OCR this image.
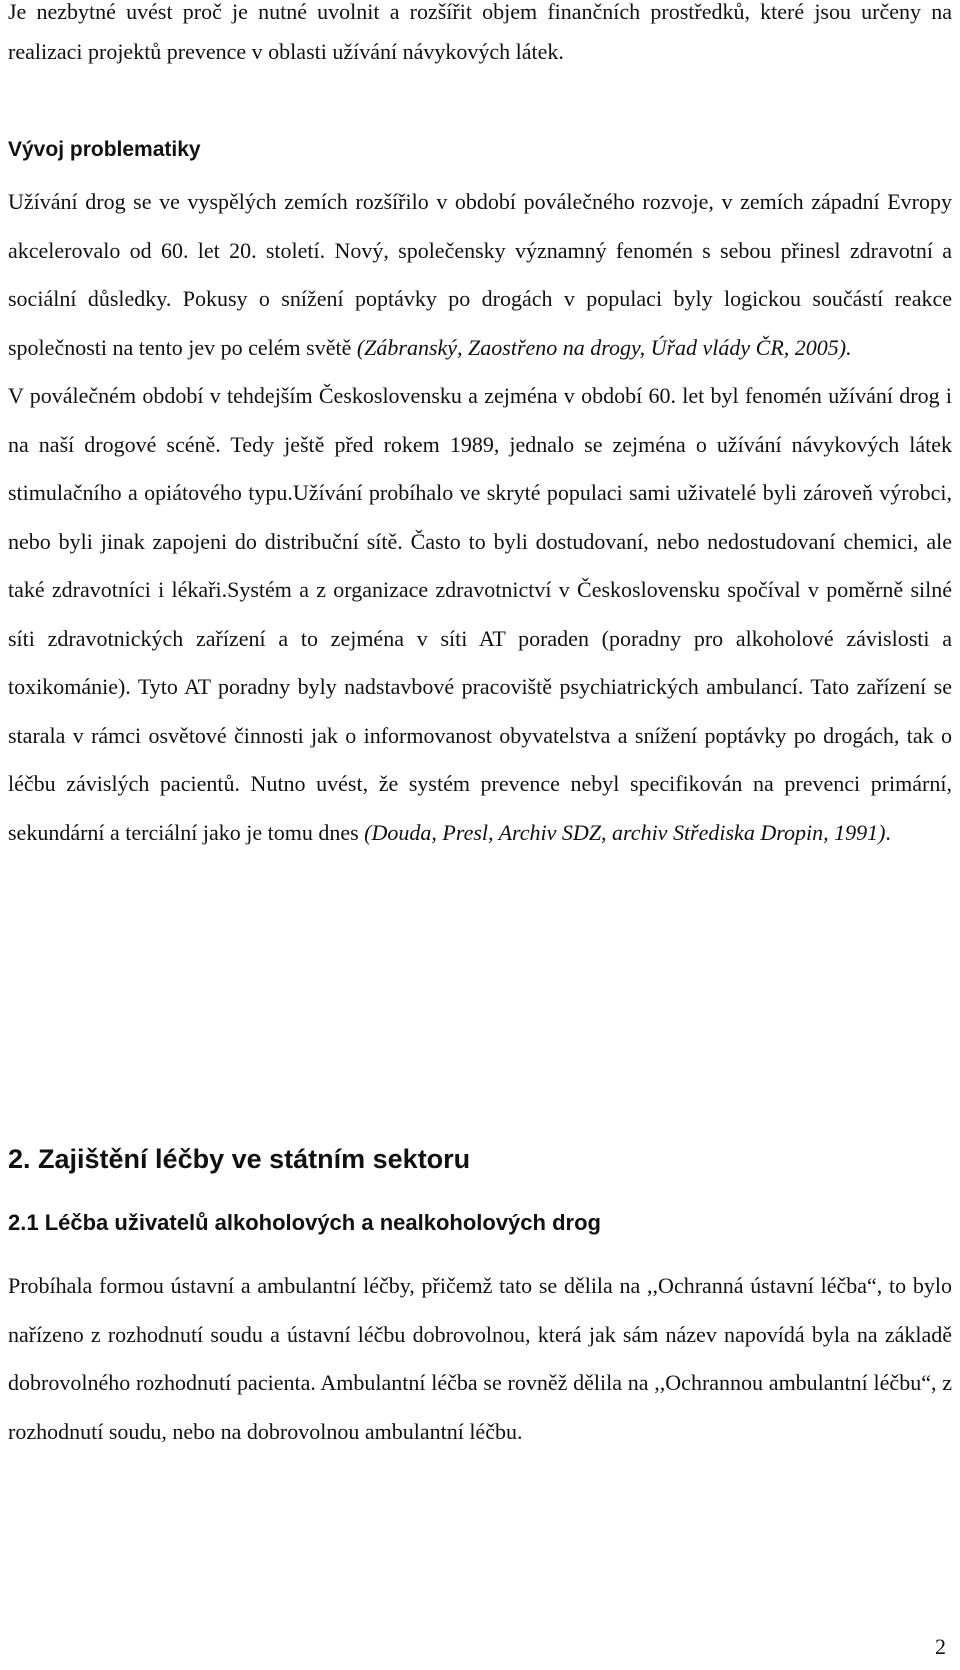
Je nezbytné uvést proč je nutné uvolnit a rozšířit objem finančních prostředků, které jsou určeny na realizaci projektů prevence v oblasti užívání návykových látek.

Vývoj problematiky

Užívání drog se ve vyspělých zemích rozšířilo v období poválečného rozvoje, v zemích západní Evropy akcelerovalo od 60. let 20. století. Nový, společensky významný fenomén s sebou přinesl zdravotní a sociální důsledky. Pokusy o snížení poptávky po drogách v populaci byly logickou součástí reakce společnosti na tento jev po celém světě (Zábranský, Zaostřeno na drogy, Úřad vlády ČR, 2005).

V poválečném období v tehdejším Československu a zejména v období 60. let byl fenomén užívání drog i na naší drogové scéně. Tedy ještě před rokem 1989, jednalo se zejména o užívání návykových látek stimulačního a opiátového typu.Užívání probíhalo ve skryté populaci sami uživatelé byli zároveň výrobci, nebo byli jinak zapojeni do distribuční sítě. Často to byli dostudovaní, nebo nedostudovaní chemici, ale také zdravotníci i lékaři.Systém a z organizace zdravotnictví v Československu spočíval v poměrně silné síti zdravotnických zařízení a to zejména v síti AT poraden (poradny pro alkoholové závislosti a toxikománie). Tyto AT poradny byly nadstavbové pracoviště psychiatrických ambulancí. Tato zařízení se starala v rámci osvětové činnosti jak o informovanost obyvatelstva a snížení poptávky po drogách, tak o léčbu závislých pacientů. Nutno uvést, že systém prevence nebyl specifikován na prevenci primární, sekundární a terciální jako je tomu dnes (Douda, Presl, Archiv SDZ, archiv Střediska Dropin, 1991).

2. Zajištění léčby ve státním sektoru
2.1 Léčba uživatelů alkoholových a nealkoholových drog

Probíhala formou ústavní a ambulantní léčby, přičemž tato se dělila na ,,Ochranná ústavní léčba“, to bylo nařízeno z rozhodnutí soudu a ústavní léčbu dobrovolnou, která jak sám název napovídá byla na základě dobrovolného rozhodnutí pacienta. Ambulantní léčba se rovněž dělila na ,,Ochrannou ambulantní léčbu“, z rozhodnutí soudu, nebo na dobrovolnou ambulantní léčbu.

2
